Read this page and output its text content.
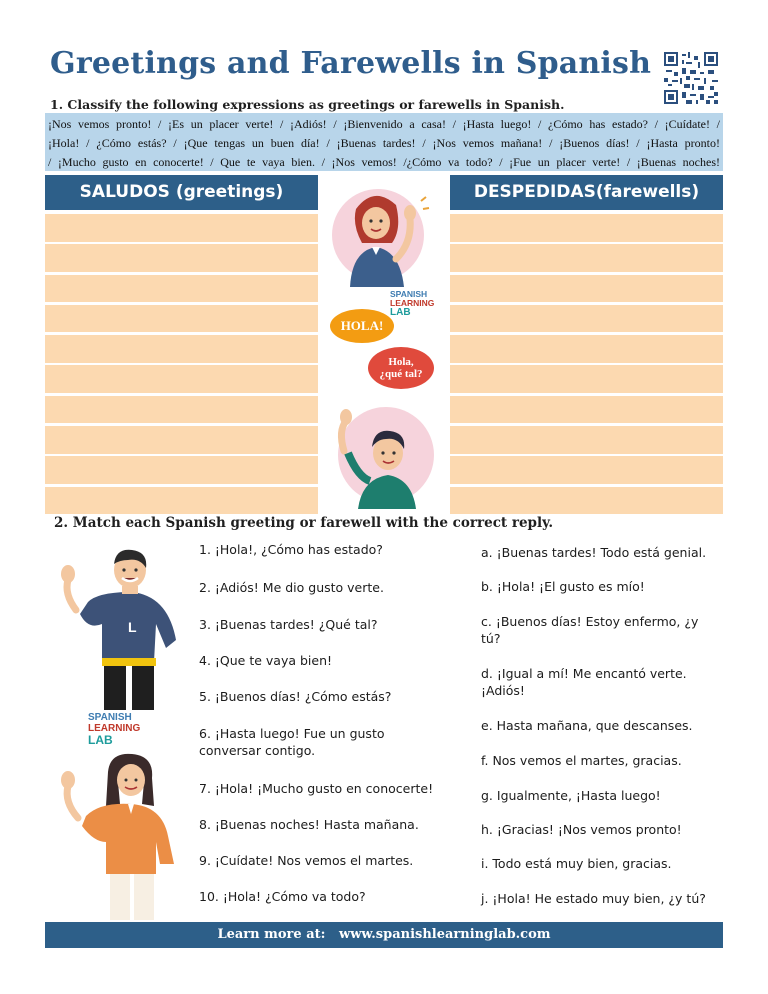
Greetings and Farewells in Spanish
1. Classify the following expressions as greetings or farewells in Spanish.
¡Nos vemos pronto! / ¡Es un placer verte! / ¡Adiós! / ¡Bienvenido a casa! / ¡Hasta luego! / ¿Cómo has estado? / ¡Cuídate! /
¡Hola! / ¿Cómo estás? / ¡Que tengas un buen día! / ¡Buenas tardes! / ¡Nos vemos mañana! / ¡Buenos días! / ¡Hasta pronto!
/ ¡Mucho gusto en conocerte! / Que te vaya bien. / ¡Nos vemos! /¿Cómo va todo? / ¡Fue un placer verte! / ¡Buenas noches!
SALUDOS (greetings)	DESPEDIDAS(farewells)
SPANISH
LEARNING
LAB
HOLA!
Hola,
¿qué tal?
2. Match each Spanish greeting or farewell with the correct reply.
L
SPANISH
LEARNING
LAB
1. ¡Hola!, ¿Cómo has estado?
2. ¡Adiós! Me dio gusto verte.
3. ¡Buenas tardes! ¿Qué tal?
4. ¡Que te vaya bien!
5. ¡Buenos días! ¿Cómo estás?
6. ¡Hasta luego! Fue un gusto conversar contigo.
7. ¡Hola! ¡Mucho gusto en conocerte!
8. ¡Buenas noches! Hasta mañana.
9. ¡Cuídate! Nos vemos el martes.
10. ¡Hola! ¿Cómo va todo?
a. ¡Buenas tardes! Todo está genial.
b. ¡Hola! ¡El gusto es mío!
c. ¡Buenos días! Estoy enfermo, ¿y tú?
d. ¡Igual a mí! Me encantó verte. ¡Adiós!
e. Hasta mañana, que descanses.
f. Nos vemos el martes, gracias.
g. Igualmente, ¡Hasta luego!
h. ¡Gracias! ¡Nos vemos pronto!
i. Todo está muy bien, gracias.
j. ¡Hola! He estado muy bien, ¿y tú?
Learn more at:   www.spanishlearninglab.com
